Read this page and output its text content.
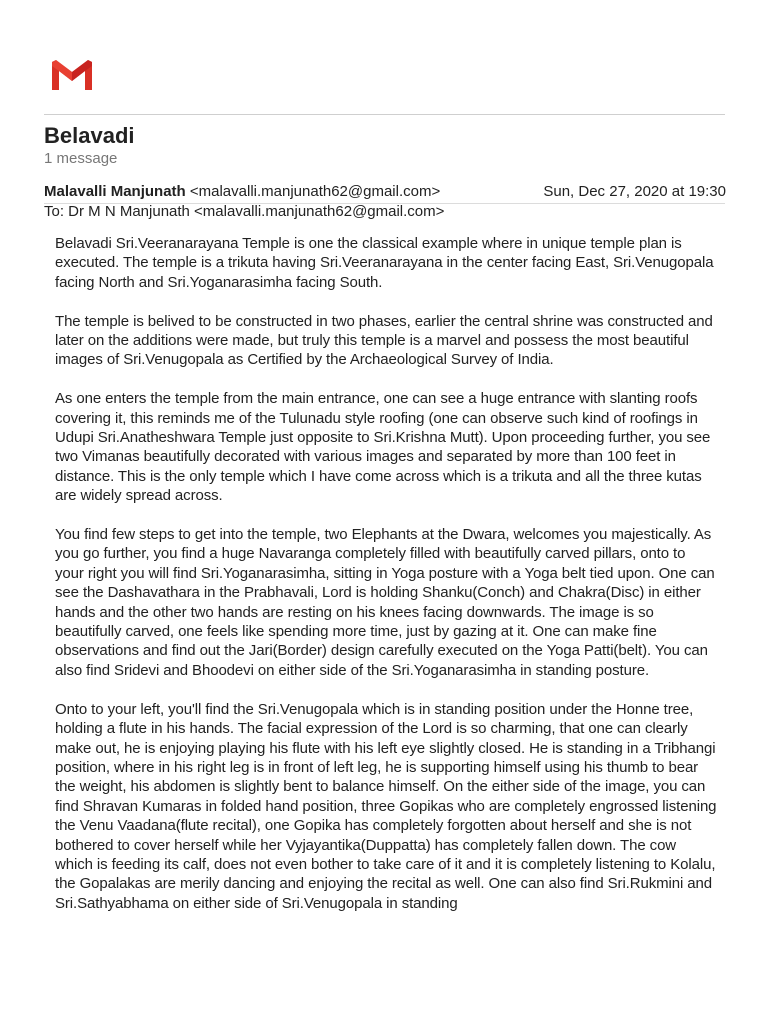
Belavadi
1 message
Malavalli Manjunath <malavalli.manjunath62@gmail.com>	Sun, Dec 27, 2020 at 19:30
To: Dr M N Manjunath <malavalli.manjunath62@gmail.com>

Belavadi Sri.Veeranarayana Temple is one the classical example where in unique temple plan is executed. The temple is a trikuta having Sri.Veeranarayana in the center facing East, Sri.Venugopala facing North and Sri.Yoganarasimha facing South.

The temple is belived to be constructed in two phases, earlier the central shrine was constructed and later on the additions were made, but truly this temple is a marvel and possess the most beautiful images of Sri.Venugopala as Certified by the Archaeological Survey of India.

As one enters the temple from the main entrance, one can see a huge entrance with slanting roofs covering it, this reminds me of the Tulunadu style roofing (one can observe such kind of roofings in Udupi Sri.Anatheshwara Temple just opposite to Sri.Krishna Mutt). Upon proceeding further, you see two Vimanas beautifully decorated with various images and separated by more than 100 feet in distance. This is the only temple which I have come across which is a trikuta and all the three kutas are widely spread across.

You find few steps to get into the temple, two Elephants at the Dwara, welcomes you majestically. As you go further, you find a huge Navaranga completely filled with beautifully carved pillars, onto to your right you will find Sri.Yoganarasimha, sitting in Yoga posture with a Yoga belt tied upon. One can see the Dashavathara in the Prabhavali, Lord is holding Shanku(Conch) and Chakra(Disc) in either hands and the other two hands are resting on his knees facing downwards. The image is so beautifully carved, one feels like spending more time, just by gazing at it. One can make fine observations and find out the Jari(Border) design carefully executed on the Yoga Patti(belt). You can also find Sridevi and Bhoodevi on either side of the Sri.Yoganarasimha in standing posture.

Onto to your left, you'll find the Sri.Venugopala which is in standing position under the Honne tree, holding a flute in his hands. The facial expression of the Lord is so charming, that one can clearly make out, he is enjoying playing his flute with his left eye slightly closed. He is standing in a Tribhangi position, where in his right leg is in front of left leg, he is supporting himself using his thumb to bear the weight, his abdomen is slightly bent to balance himself. On the either side of the image, you can find Shravan Kumaras in folded hand position, three Gopikas who are completely engrossed listening the Venu Vaadana(flute recital), one Gopika has completely forgotten about herself and she is not bothered to cover herself while her Vyjayantika(Duppatta) has completely fallen down. The cow which is feeding its calf, does not even bother to take care of it and it is completely listening to Kolalu, the Gopalakas are merily dancing and enjoying the recital as well. One can also find Sri.Rukmini and Sri.Sathyabhama on either side of Sri.Venugopala in standing
